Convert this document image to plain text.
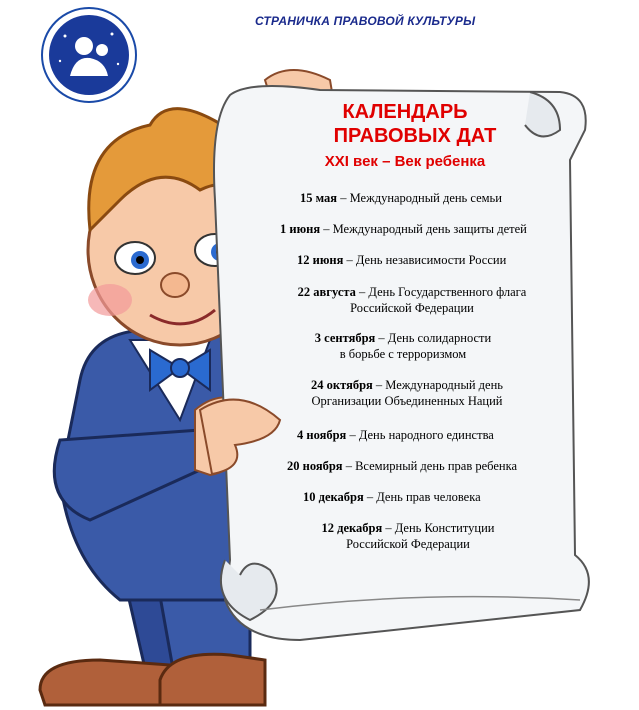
СТРАНИЧКА ПРАВОВОЙ КУЛЬТУРЫ
КАЛЕНДАРЬ
ПРАВОВЫХ ДАТ
XXI век – Век ребенка
15 мая – Международный день семьи
1 июня – Международный день защиты детей
12 июня – День независимости России
22 августа – День Государственного флага
Российской Федерации
3 сентября – День солидарности
в борьбе с терроризмом
24 октября – Международный день
Организации Объединенных Наций
4 ноября – День народного единства
20 ноября – Всемирный день прав ребенка
10 декабря – День прав человека
12 декабря – День Конституции
Российской Федерации
